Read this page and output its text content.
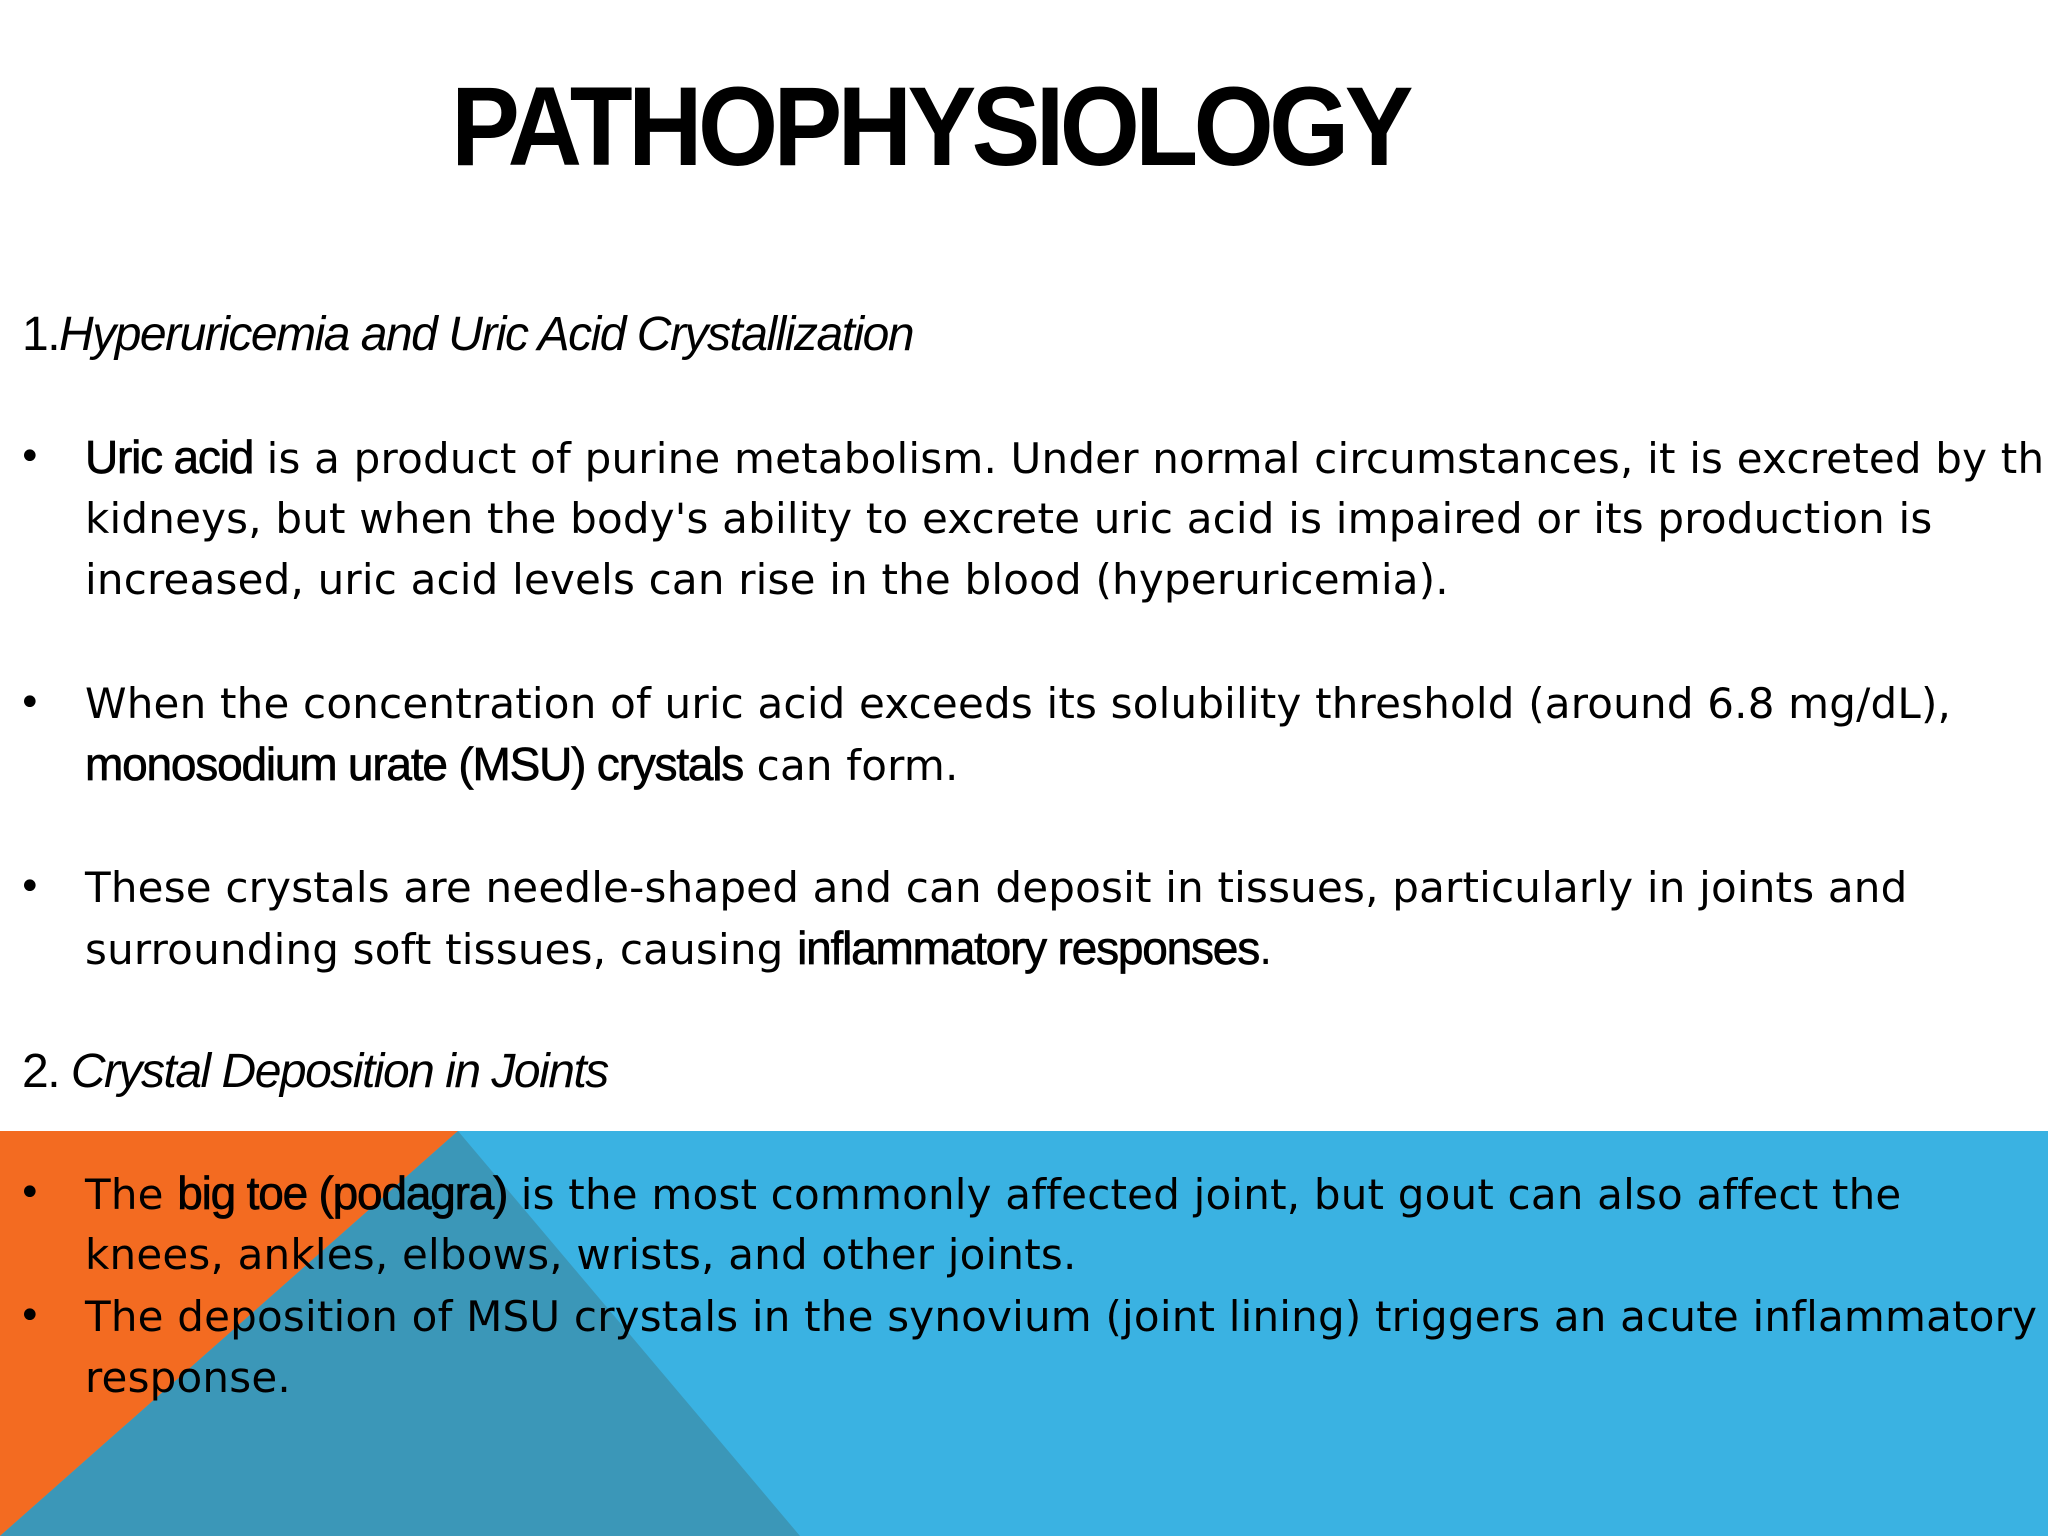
PATHOPHYSIOLOGY
1.Hyperuricemia and Uric Acid Crystallization
• Uric acid is a product of purine metabolism. Under normal circumstances, it is excreted by th
kidneys, but when the body's ability to excrete uric acid is impaired or its production is
increased, uric acid levels can rise in the blood (hyperuricemia).
• When the concentration of uric acid exceeds its solubility threshold (around 6.8 mg/dL),
monosodium urate (MSU) crystals can form.
• These crystals are needle-shaped and can deposit in tissues, particularly in joints and
surrounding soft tissues, causing inflammatory responses.
2. Crystal Deposition in Joints
• The big toe (podagra) is the most commonly affected joint, but gout can also affect the
knees, ankles, elbows, wrists, and other joints.
• The deposition of MSU crystals in the synovium (joint lining) triggers an acute inflammatory
response.
